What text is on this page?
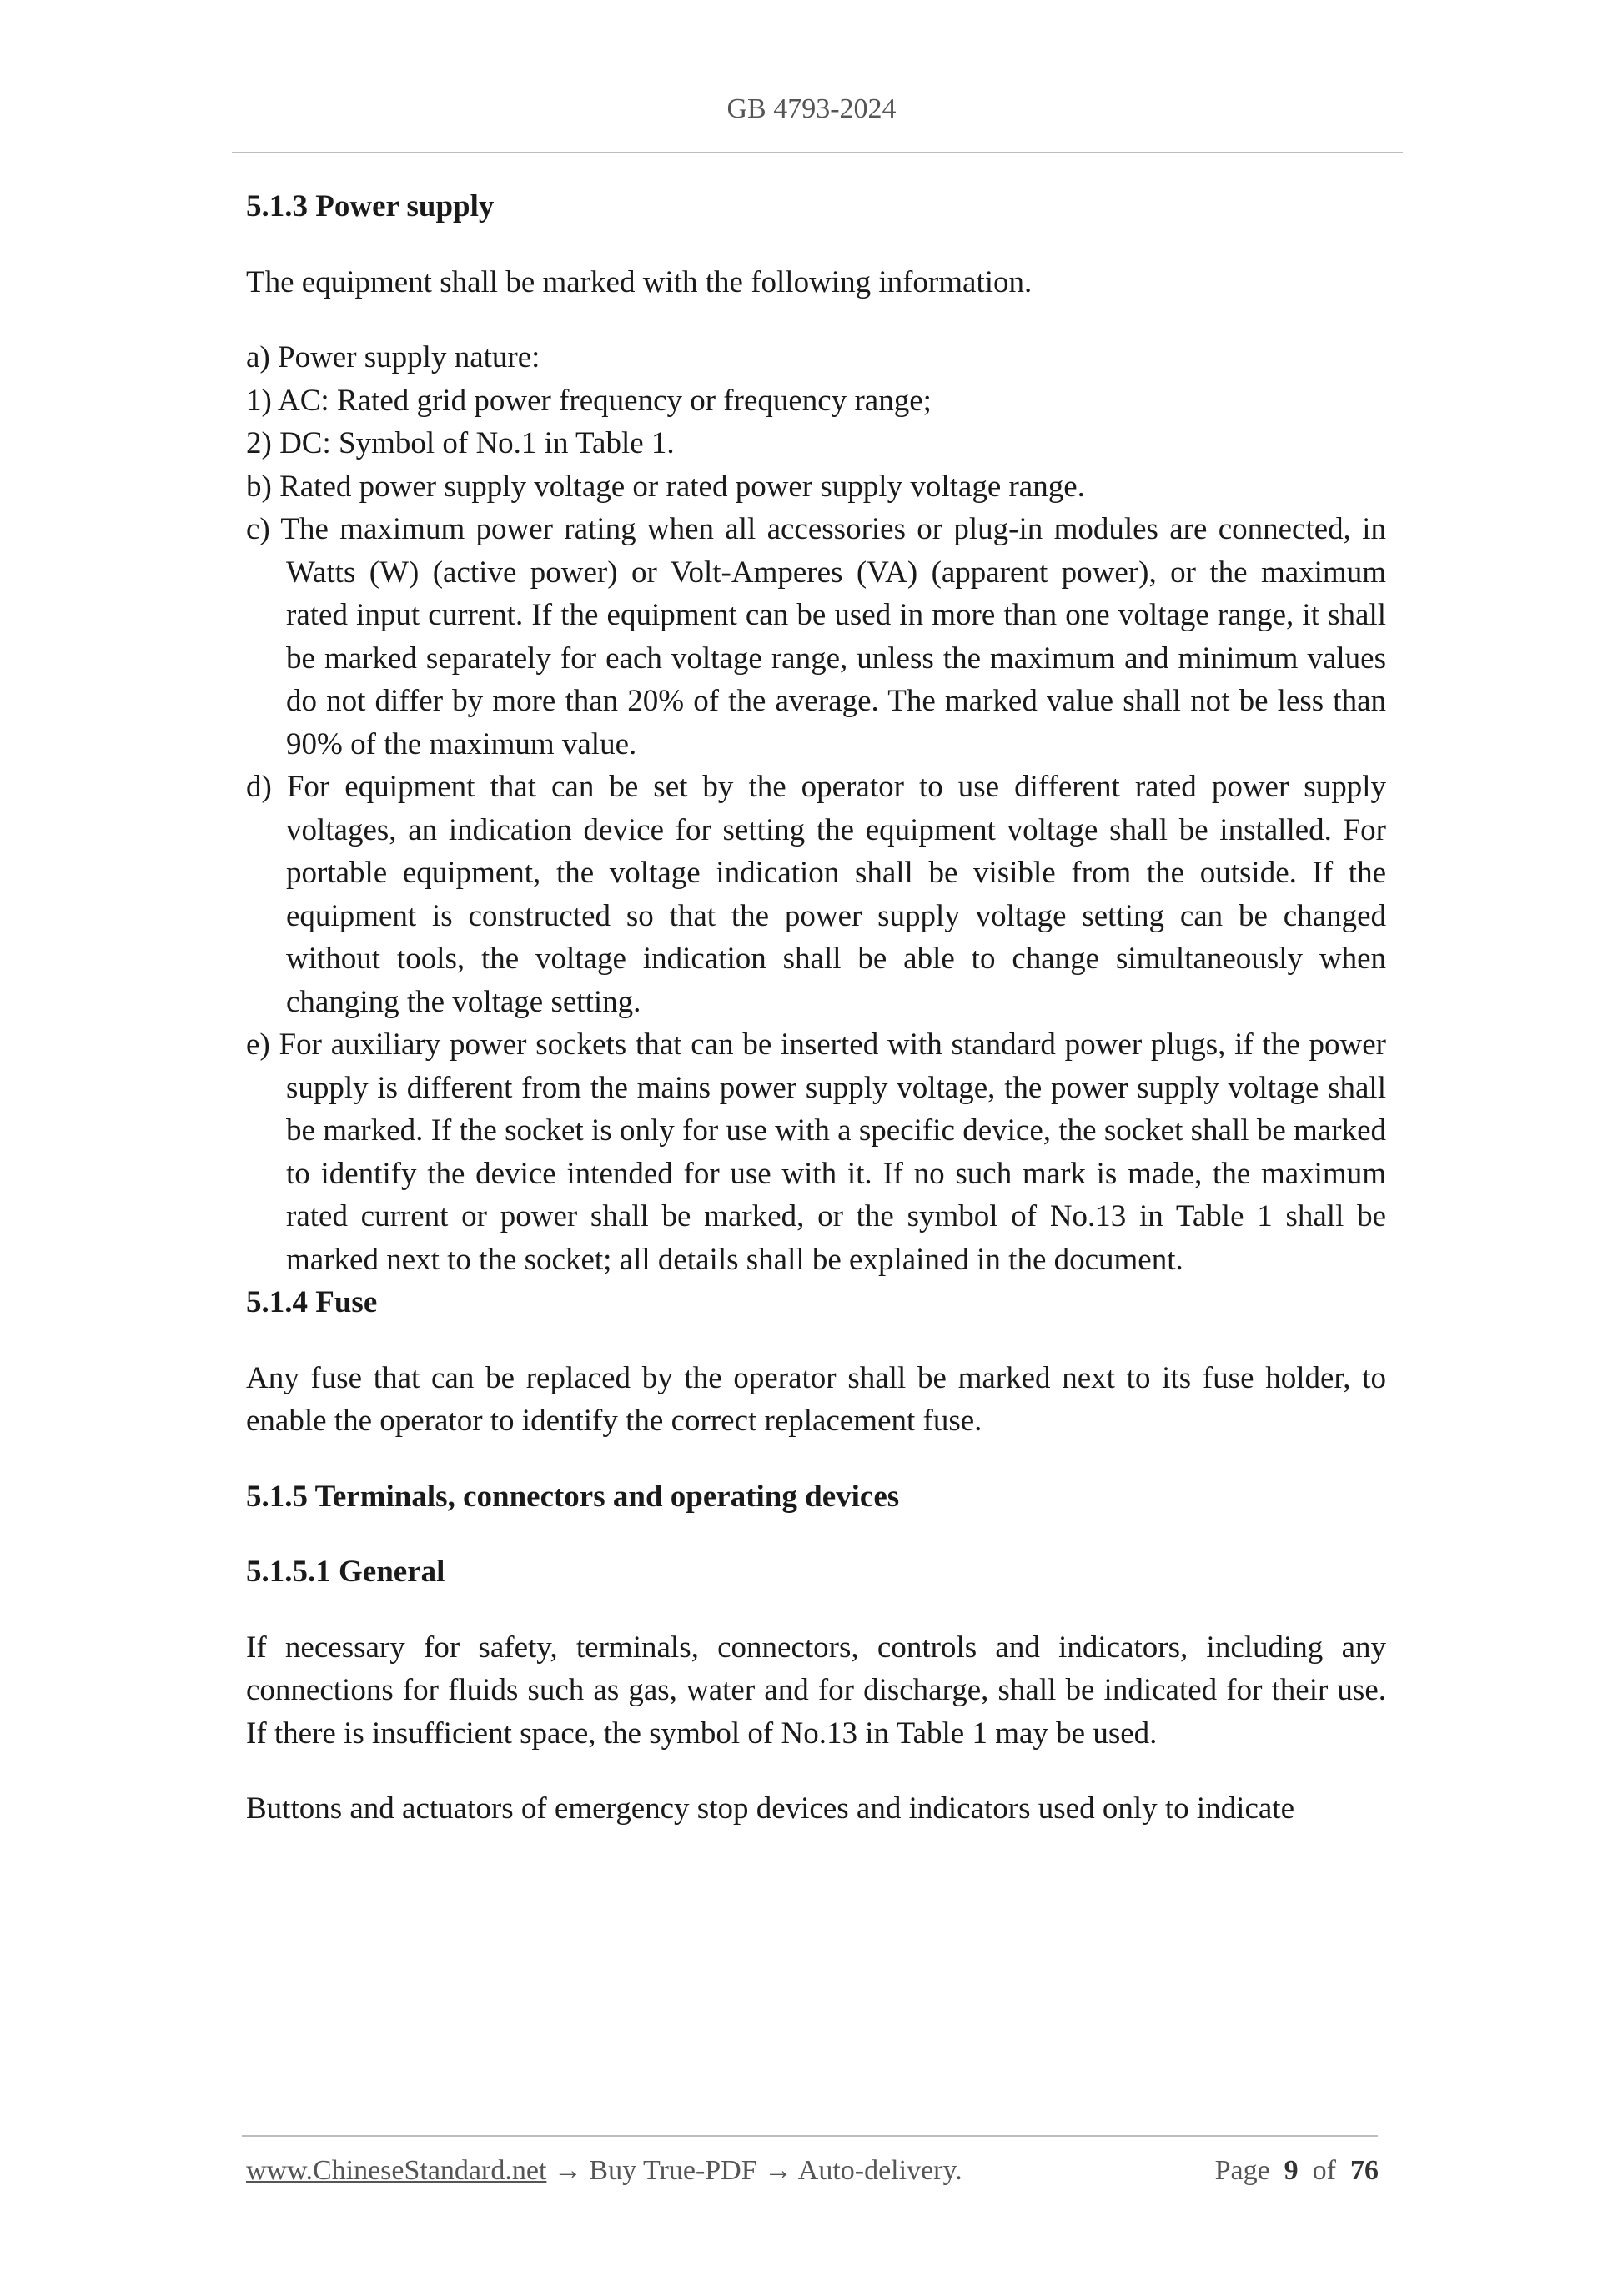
GB 4793-2024
5.1.3 Power supply

The equipment shall be marked with the following information.

a) Power supply nature:

1) AC: Rated grid power frequency or frequency range;

2) DC: Symbol of No.1 in Table 1.

b) Rated power supply voltage or rated power supply voltage range.

c) The maximum power rating when all accessories or plug-in modules are connected, in Watts (W) (active power) or Volt-Amperes (VA) (apparent power), or the maximum rated input current. If the equipment can be used in more than one voltage range, it shall be marked separately for each voltage range, unless the maximum and minimum values do not differ by more than 20% of the average. The marked value shall not be less than 90% of the maximum value.

d) For equipment that can be set by the operator to use different rated power supply voltages, an indication device for setting the equipment voltage shall be installed. For portable equipment, the voltage indication shall be visible from the outside. If the equipment is constructed so that the power supply voltage setting can be changed without tools, the voltage indication shall be able to change simultaneously when changing the voltage setting.

e) For auxiliary power sockets that can be inserted with standard power plugs, if the power supply is different from the mains power supply voltage, the power supply voltage shall be marked. If the socket is only for use with a specific device, the socket shall be marked to identify the device intended for use with it. If no such mark is made, the maximum rated current or power shall be marked, or the symbol of No.13 in Table 1 shall be marked next to the socket; all details shall be explained in the document.

5.1.4 Fuse

Any fuse that can be replaced by the operator shall be marked next to its fuse holder, to enable the operator to identify the correct replacement fuse.

5.1.5 Terminals, connectors and operating devices
5.1.5.1 General

If necessary for safety, terminals, connectors, controls and indicators, including any connections for fluids such as gas, water and for discharge, shall be indicated for their use. If there is insufficient space, the symbol of No.13 in Table 1 may be used.

Buttons and actuators of emergency stop devices and indicators used only to indicate

www.ChineseStandard.net → Buy True-PDF → Auto-delivery.	Page 9 of 76
